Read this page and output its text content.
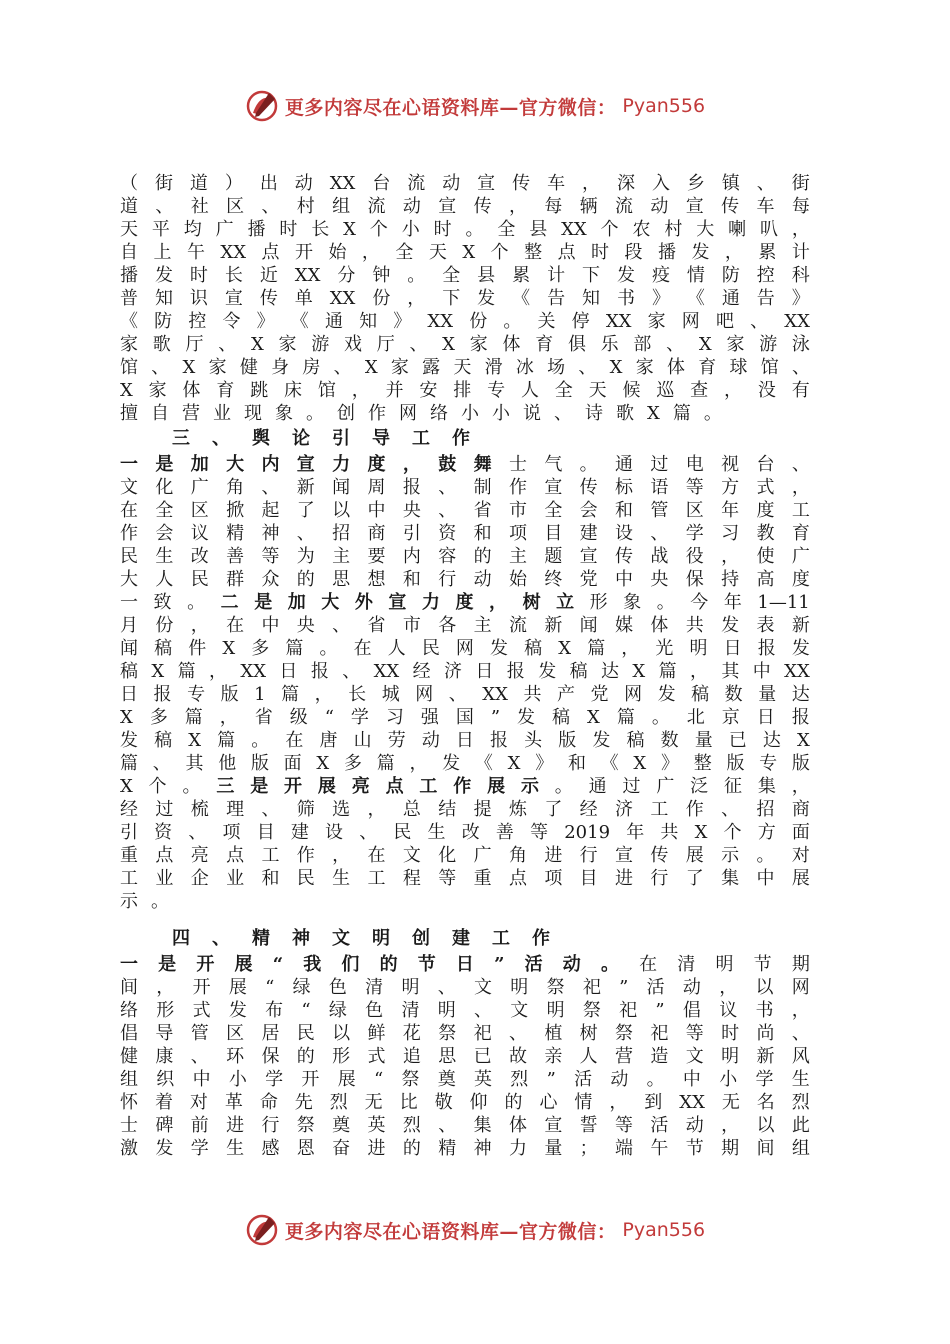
更多内容尽在心语资料库—官方微信： Pyan556
（ 街 道 ） 出 动 XX 台 流 动 宣 传 车 ， 深 入 乡 镇 、 街
道 、 社 区 、 村 组 流 动 宣 传 ， 每 辆 流 动 宣 传 车 每
天 平 均 广 播 时 长 X 个 小 时 。 全 县 XX 个 农 村 大 喇 叭 ，
自 上 午 XX 点 开 始 ， 全 天 X 个 整 点 时 段 播 发 ， 累 计
播 发 时 长 近 XX 分 钟 。 全 县 累 计 下 发 疫 情 防 控 科
普 知 识 宣 传 单 XX 份 ， 下 发 《 告 知 书 》 《 通 告 》
《 防 控 令 》 《 通 知 》 XX 份 。 关 停 XX 家 网 吧 、 XX
家 歌 厅 、 X 家 游 戏 厅 、 X 家 体 育 俱 乐 部 、 X 家 游 泳
馆 、 X 家 健 身 房 、 X 家 露 天 滑 冰 场 、 X 家 体 育 球 馆 、
X 家 体 育 跳 床 馆 ， 并 安 排 专 人 全 天 候 巡 查 ， 没 有
擅 自 营 业 现 象 。 创 作 网 络 小 小 说 、 诗 歌 X 篇 。
三 、 舆 论 引 导 工 作
一 是 加 大 内 宣 力 度 ， 鼓 舞 士 气 。 通 过 电 视 台 、
文 化 广 角 、 新 闻 周 报 、 制 作 宣 传 标 语 等 方 式 ，
在 全 区 掀 起 了 以 中 央 、 省 市 全 会 和 管 区 年 度 工
作 会 议 精 神 、 招 商 引 资 和 项 目 建 设 、 学 习 教 育
民 生 改 善 等 为 主 要 内 容 的 主 题 宣 传 战 役 ， 使 广
大 人 民 群 众 的 思 想 和 行 动 始 终 党 中 央 保 持 高 度
一 致 。 二 是 加 大 外 宣 力 度 ， 树 立 形 象 。 今 年 1—11
月 份 ， 在 中 央 、 省 市 各 主 流 新 闻 媒 体 共 发 表 新
闻 稿 件 X 多 篇 。 在 人 民 网 发 稿 X 篇 ， 光 明 日 报 发
稿 X 篇 ， XX 日 报 、 XX 经 济 日 报 发 稿 达 X 篇 ， 其 中 XX
日 报 专 版 1 篇 ， 长 城 网 、 XX 共 产 党 网 发 稿 数 量 达
X 多 篇 ， 省 级 “ 学 习 强 国 ” 发 稿 X 篇 。 北 京 日 报
发 稿 X 篇 。 在 唐 山 劳 动 日 报 头 版 发 稿 数 量 已 达 X
篇 、 其 他 版 面 X 多 篇 ， 发 《 X 》 和 《 X 》 整 版 专 版
X 个 。 三 是 开 展 亮 点 工 作 展 示 。 通 过 广 泛 征 集 ，
经 过 梳 理 、 筛 选 ， 总 结 提 炼 了 经 济 工 作 、 招 商
引 资 、 项 目 建 设 、 民 生 改 善 等 2019 年 共 X 个 方 面
重 点 亮 点 工 作 ， 在 文 化 广 角 进 行 宣 传 展 示 。 对
工 业 企 业 和 民 生 工 程 等 重 点 项 目 进 行 了 集 中 展
示 。
四 、 精 神 文 明 创 建 工 作
一 是 开 展 “ 我 们 的 节 日 ” 活 动 。 在 清 明 节 期
间 ， 开 展 “ 绿 色 清 明 、 文 明 祭 祀 ” 活 动 ， 以 网
络 形 式 发 布 “ 绿 色 清 明 、 文 明 祭 祀 ” 倡 议 书 ，
倡 导 管 区 居 民 以 鲜 花 祭 祀 、 植 树 祭 祀 等 时 尚 、
健 康 、 环 保 的 形 式 追 思 已 故 亲 人 营 造 文 明 新 风
组 织 中 小 学 开 展 “ 祭 奠 英 烈 ” 活 动 。 中 小 学 生
怀 着 对 革 命 先 烈 无 比 敬 仰 的 心 情 ， 到 XX 无 名 烈
士 碑 前 进 行 祭 奠 英 烈 、 集 体 宣 誓 等 活 动 ， 以 此
激 发 学 生 感 恩 奋 进 的 精 神 力 量 ； 端 午 节 期 间 组
更多内容尽在心语资料库—官方微信： Pyan556
